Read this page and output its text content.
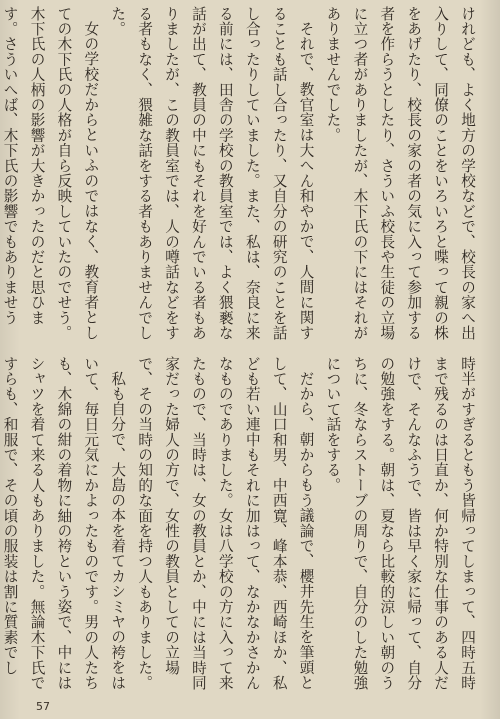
けれども、よく地方の学校などで、校長の家へ出入りして、同僚のことをいろいろと喋って親の株をあげたり、校長の家の者の気に入って参加する者を作らうとしたり、さういふ校長や生徒の立場に立つ者がありましたが、木下氏の下にはそれがありませんでした。

それで、教官室は大へん和やかで、人間に関することも話し合ったり、又自分の研究のことを話し合ったりしていました。また、私は、奈良に来る前には、田舎の学校の教員室では、よく猥褻な話が出て、教員の中にもそれを好んでいる者もありましたが、この教員室では、人の噂話などをする者もなく、猥雑な話をする者もありませんでした。

女の学校だからといふのではなく、教育者としての木下氏の人格が自ら反映していたのでせう。木下氏の人柄の影響が大きかったのだと思ひます。さういへば、木下氏の影響でもありませう

時半がすぎるともう皆帰ってしまって、四時五時まで残るのは日直か、何か特別な仕事のある人だけで、そんなふうで、皆は早く家に帰って、自分の勉強をする。朝は、夏なら比較的涼しい朝のうちに、冬ならストーブの周りで、自分のした勉強について話をする。

だから、朝からもう議論で、櫻井先生を筆頭として、山口和男、中西寛、峰本恭、西崎ほか、私ども若い連中もそれに加はって、なかなかさかんなものでありました。女は八学校の方に入って来たもので、当時は、女の教員とか、中には当時同家だった婦人の方で、女性の教員としての立場で、その当時の知的な面を持つ人もありました。

私も自分で、大島の本を着てカシミヤの袴をはいて、毎日元気にかよったものです。男の人たちも、木綿の紺の着物に紬の袴という姿で、中にはシャツを着て来る人もありました。無論木下氏ですらも、和服で、その頃の服装は割に質素でし

57
